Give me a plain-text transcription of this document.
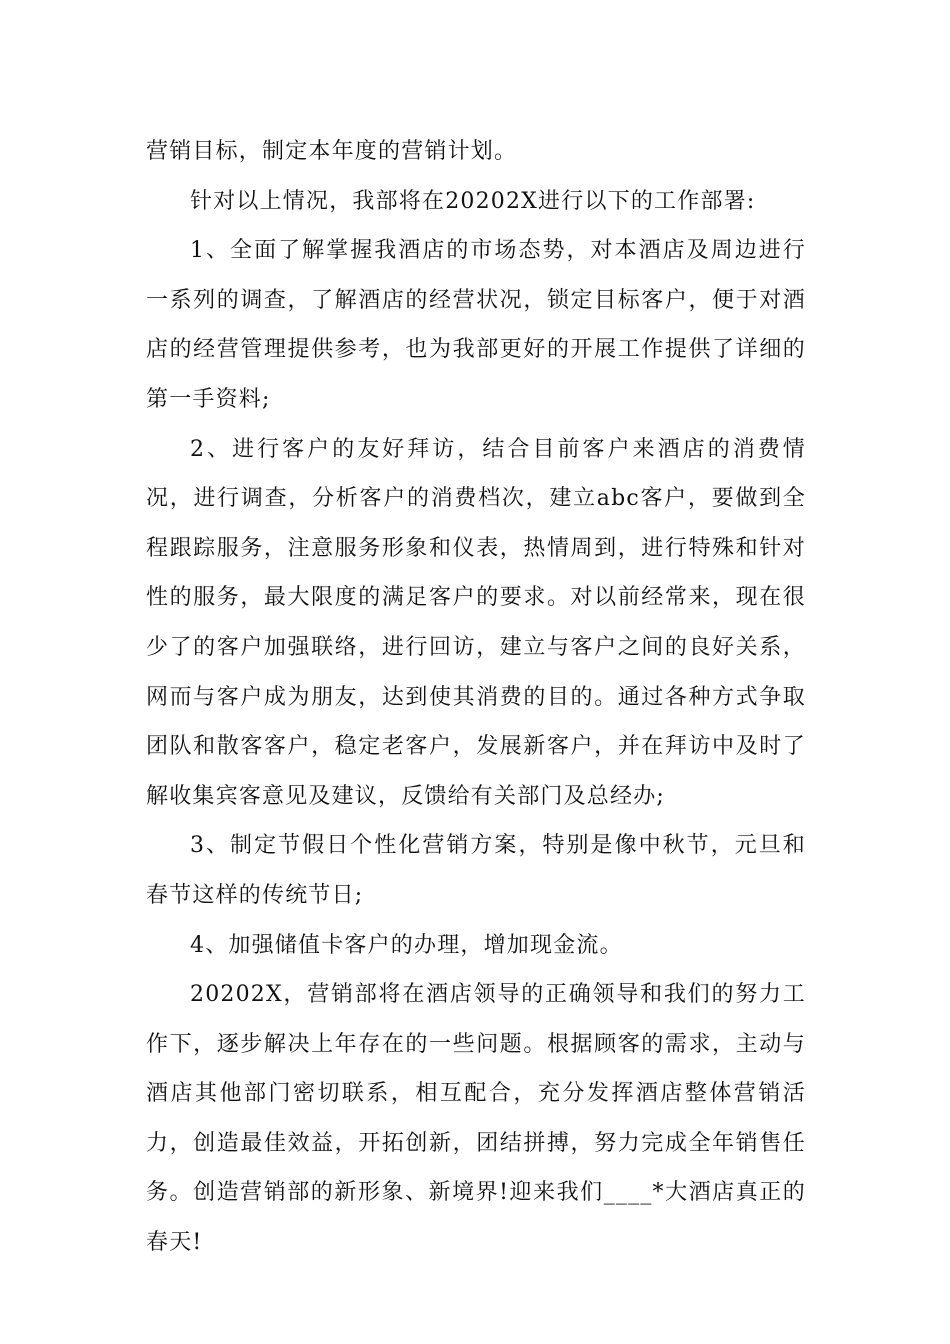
营销目标，制定本年度的营销计划。

针对以上情况，我部将在20202X进行以下的工作部署:

1、全面了解掌握我酒店的市场态势，对本酒店及周边进行一系列的调查，了解酒店的经营状况，锁定目标客户，便于对酒店的经营管理提供参考，也为我部更好的开展工作提供了详细的第一手资料;

2、进行客户的友好拜访，结合目前客户来酒店的消费情况，进行调查，分析客户的消费档次，建立abc客户，要做到全程跟踪服务，注意服务形象和仪表，热情周到，进行特殊和针对性的服务，最大限度的满足客户的要求。对以前经常来，现在很少了的客户加强联络，进行回访，建立与客户之间的良好关系，网而与客户成为朋友，达到使其消费的目的。通过各种方式争取团队和散客客户，稳定老客户，发展新客户，并在拜访中及时了解收集宾客意见及建议，反馈给有关部门及总经办;

3、制定节假日个性化营销方案，特别是像中秋节，元旦和春节这样的传统节日;

4、加强储值卡客户的办理，增加现金流。

20202X，营销部将在酒店领导的正确领导和我们的努力工作下，逐步解决上年存在的一些问题。根据顾客的需求，主动与酒店其他部门密切联系，相互配合，充分发挥酒店整体营销活力，创造最佳效益，开拓创新，团结拼搏，努力完成全年销售任务。创造营销部的新形象、新境界!迎来我们____*大酒店真正的春天!
